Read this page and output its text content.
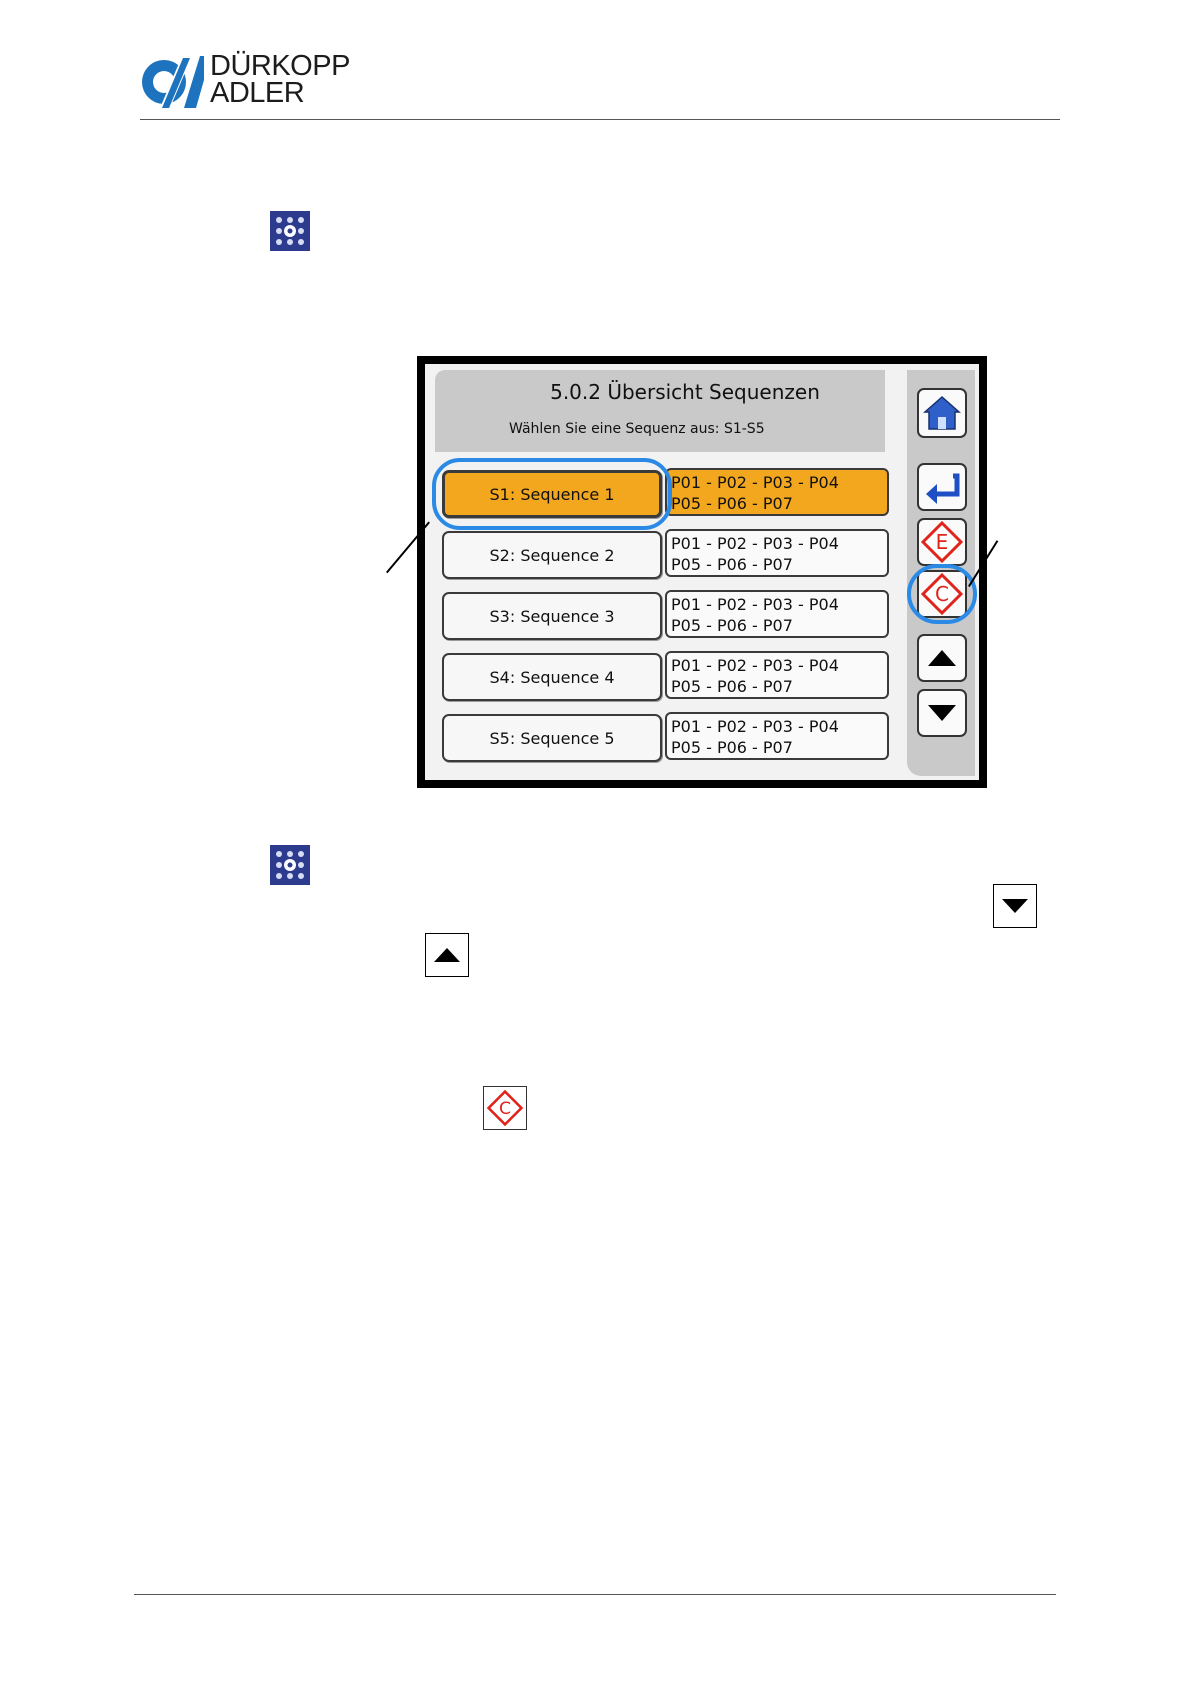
DÜRKOPP
ADLER
5.0.2 Übersicht Sequenzen
Wählen Sie eine Sequenz aus: S1-S5
S1: Sequence 1
P01 - P02 - P03 - P04
P05 - P06 - P07
S2: Sequence 2
P01 - P02 - P03 - P04
P05 - P06 - P07
S3: Sequence 3
P01 - P02 - P03 - P04
P05 - P06 - P07
S4: Sequence 4
P01 - P02 - P03 - P04
P05 - P06 - P07
S5: Sequence 5
P01 - P02 - P03 - P04
P05 - P06 - P07
E
C
C
